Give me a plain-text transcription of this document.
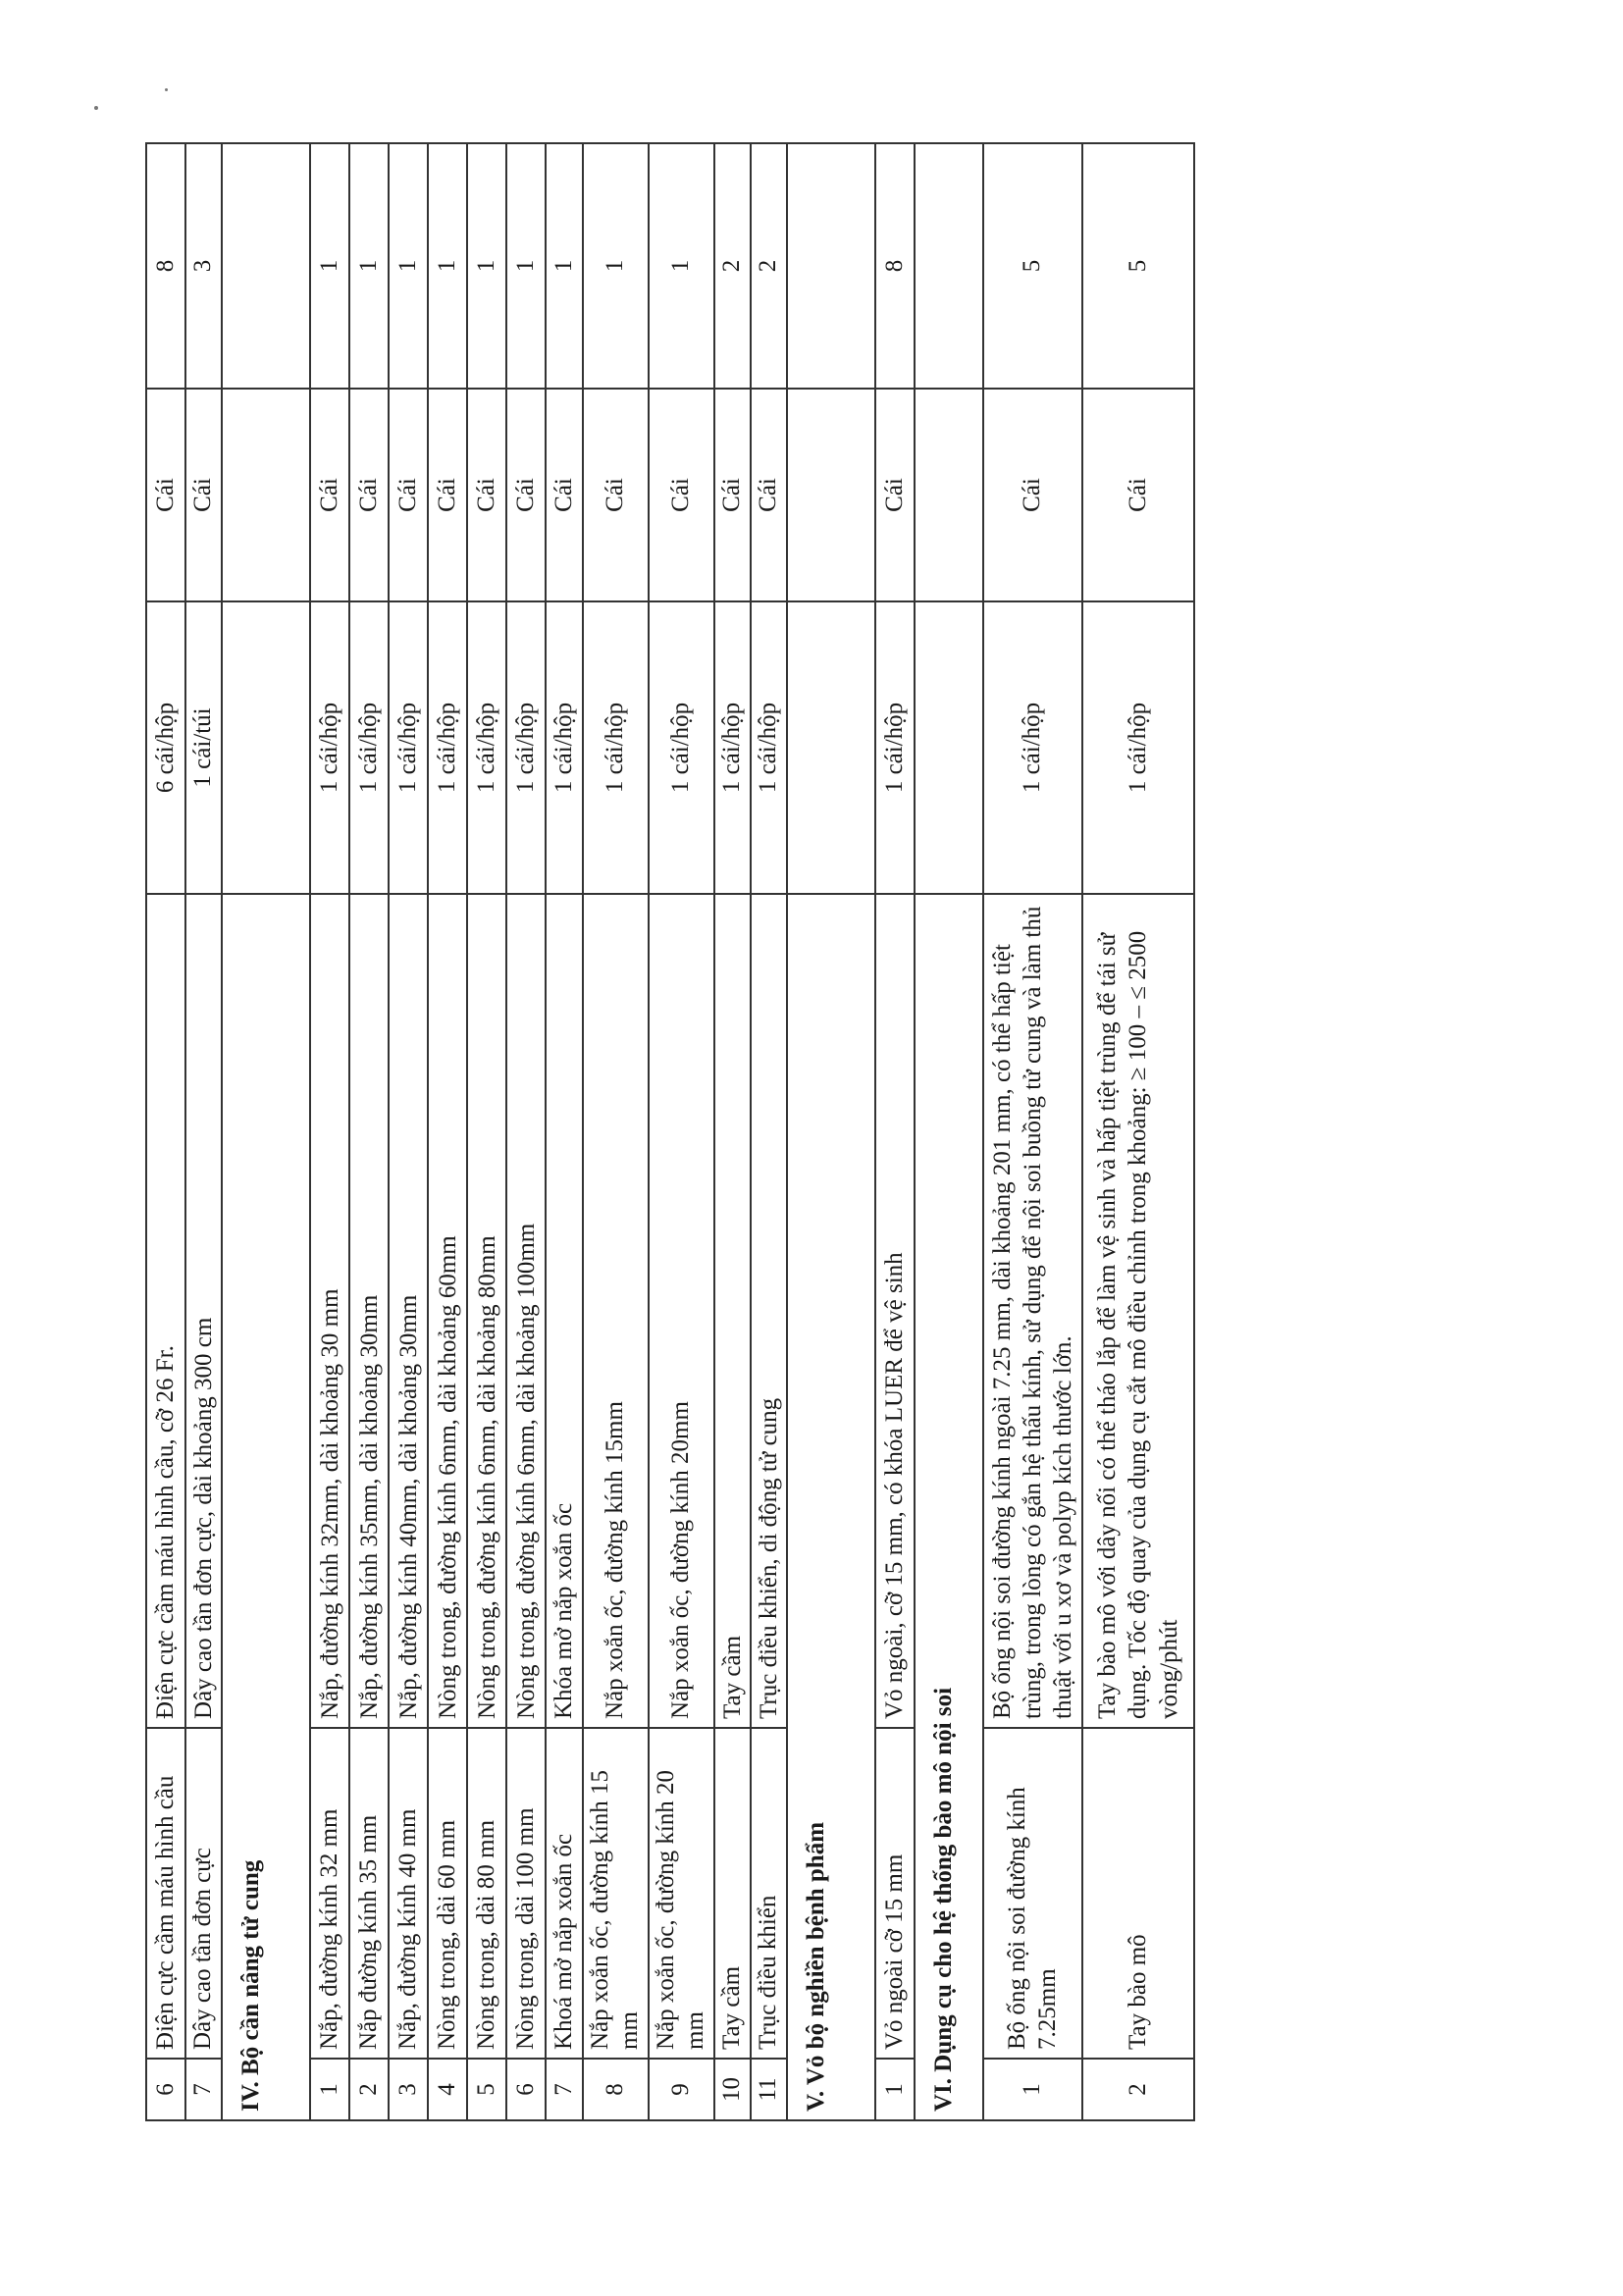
6	Điện cực cầm máu hình cầu	Điện cực cầm máu hình cầu, cỡ 26 Fr.	6 cái/hộp	Cái	8
7	Dây cao tần đơn cực	Dây cao tần đơn cực, dài khoảng 300 cm	1 cái/túi	Cái	3
IV. Bộ cần nâng tử cung					
1	Nắp, đường kính 32 mm	Nắp, đường kính 32mm, dài khoảng 30 mm	1 cái/hộp	Cái	1
2	Nắp đường kính 35 mm	Nắp, đường kính 35mm, dài khoảng 30mm	1 cái/hộp	Cái	1
3	Nắp, đường kính 40 mm	Nắp, đường kính 40mm, dài khoảng 30mm	1 cái/hộp	Cái	1
4	Nòng trong, dài 60 mm	Nòng trong, đường kính 6mm, dài khoảng 60mm	1 cái/hộp	Cái	1
5	Nòng trong, dài 80 mm	Nòng trong, đường kính 6mm, dài khoảng 80mm	1 cái/hộp	Cái	1
6	Nòng trong, dài 100 mm	Nòng trong, đường kính 6mm, dài khoảng 100mm	1 cái/hộp	Cái	1
7	Khoá mở nắp xoắn ốc	Khóa mở nắp xoắn ốc	1 cái/hộp	Cái	1
8	Nắp xoắn ốc, đường kính 15 mm	Nắp xoắn ốc, đường kính 15mm	1 cái/hộp	Cái	1
9	Nắp xoắn ốc, đường kính 20 mm	Nắp xoắn ốc, đường kính 20mm	1 cái/hộp	Cái	1
10	Tay cầm	Tay cầm	1 cái/hộp	Cái	2
11	Trục điều khiển	Trục điều khiển, di động tử cung	1 cái/hộp	Cái	2
V. Vỏ bộ nghiền bệnh phẩm					
1	Vỏ ngoài cỡ 15 mm	Vỏ ngoài, cỡ 15 mm, có khóa LUER để vệ sinh	1 cái/hộp	Cái	8
VI. Dụng cụ cho hệ thống bào mô nội soi					
1	Bộ ống nội soi đường kính 7.25mm	Bộ ống nội soi đường kính ngoài 7.25 mm, dài khoảng 201 mm, có thể hấp tiệt trùng, trong lòng có gắn hệ thấu kính, sử dụng để nội soi buồng tử cung và làm thủ thuật với u xơ và polyp kích thước lớn.	1 cái/hộp	Cái	5
2	Tay bào mô	Tay bào mô với dây nối có thể tháo lắp để làm vệ sinh và hấp tiệt trùng để tái sử dụng. Tốc độ quay của dụng cụ cắt mô điều chỉnh trong khoảng: ≥ 100 – ≤ 2500 vòng/phút	1 cái/hộp	Cái	5
